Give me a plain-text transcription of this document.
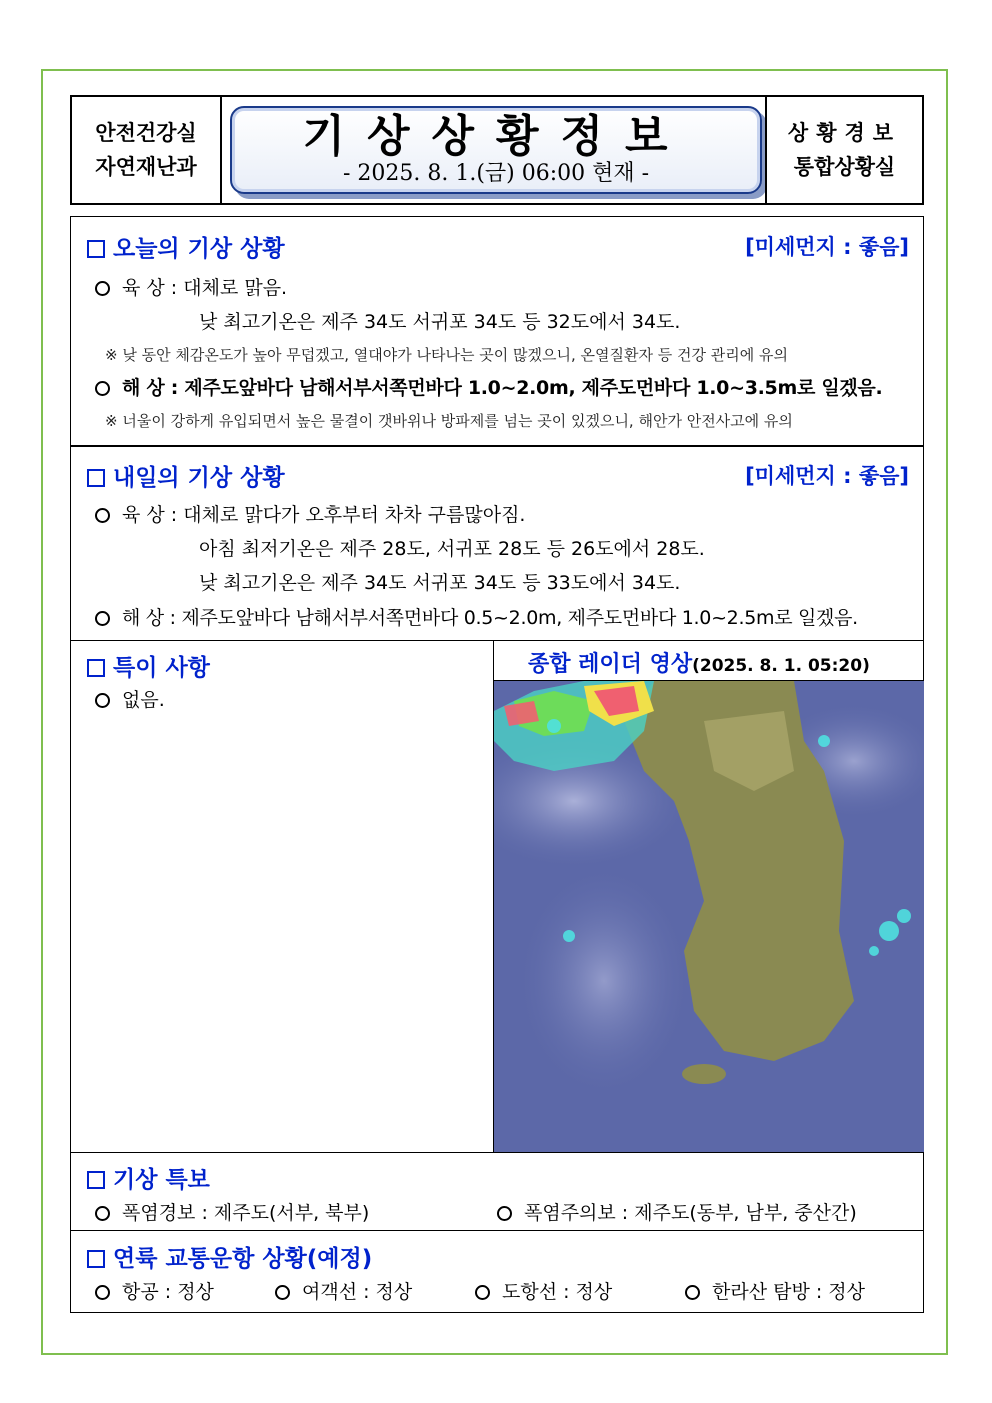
안전건강실
자연재난과
기상상황정보
- 2025. 8. 1.(금) 06:00 현재 -
상황경보
통합상황실
오늘의 기상 상황	[미세먼지 : 좋음]
육 상 : 대체로 맑음.
낮 최고기온은 제주 34도 서귀포 34도 등 32도에서 34도.
※ 낮 동안 체감온도가 높아 무덥겠고, 열대야가 나타나는 곳이 많겠으니, 온열질환자 등 건강 관리에 유의
해 상 : 제주도앞바다 남해서부서쪽먼바다 1.0~2.0m, 제주도먼바다 1.0~3.5m로 일겠음.
※ 너울이 강하게 유입되면서 높은 물결이 갯바위나 방파제를 넘는 곳이 있겠으니, 해안가 안전사고에 유의
내일의 기상 상황	[미세먼지 : 좋음]
육 상 : 대체로 맑다가 오후부터 차차 구름많아짐.
아침 최저기온은 제주 28도, 서귀포 28도 등 26도에서 28도.
낮 최고기온은 제주 34도 서귀포 34도 등 33도에서 34도.
해 상 : 제주도앞바다 남해서부서쪽먼바다 0.5~2.0m, 제주도먼바다 1.0~2.5m로 일겠음.
특이 사항
없음.
종합 레이더 영상(2025. 8. 1. 05:20)
기상 특보
폭염경보 : 제주도(서부, 북부)	폭염주의보 : 제주도(동부, 남부, 중산간)
연륙 교통운항 상황(예정)
항공 : 정상	여객선 : 정상	도항선 : 정상	한라산 탐방 : 정상
